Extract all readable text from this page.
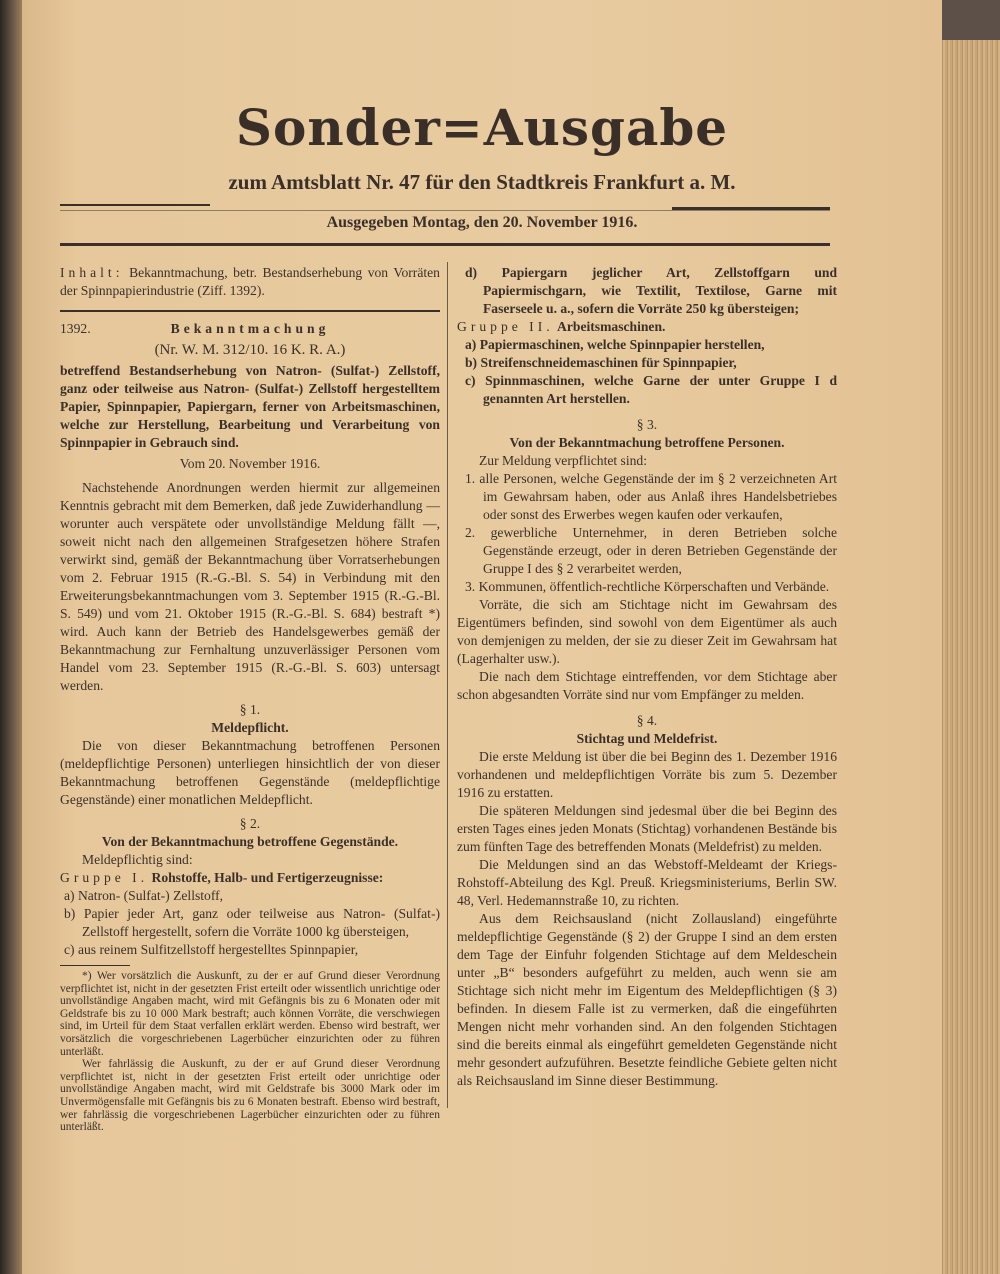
Sonder=Ausgabe
zum Amtsblatt Nr. 47 für den Stadtkreis Frankfurt a. M.
Ausgegeben Montag, den 20. November 1916.

Inhalt: Bekanntmachung, betr. Bestandserhebung von Vorräten der Spinnpapierindustrie (Ziff. 1392).

1392.	Bekanntmachung

(Nr. W. M. 312/10. 16 K. R. A.)

betreffend Bestandserhebung von Natron- (Sulfat-) Zellstoff, ganz oder teilweise aus Natron- (Sulfat-) Zellstoff hergestelltem Papier, Spinnpapier, Papiergarn, ferner von Arbeitsmaschinen, welche zur Herstellung, Bearbeitung und Verarbeitung von Spinnpapier in Gebrauch sind.

Vom 20. November 1916.

Nachstehende Anordnungen werden hiermit zur allgemeinen Kenntnis gebracht mit dem Bemerken, daß jede Zuwiderhandlung — worunter auch verspätete oder unvollständige Meldung fällt —, soweit nicht nach den allgemeinen Strafgesetzen höhere Strafen verwirkt sind, gemäß der Bekanntmachung über Vorratserhebungen vom 2. Februar 1915 (R.-G.-Bl. S. 54) in Verbindung mit den Erweiterungsbekanntmachungen vom 3. September 1915 (R.-G.-Bl. S. 549) und vom 21. Oktober 1915 (R.-G.-Bl. S. 684) bestraft *) wird. Auch kann der Betrieb des Handelsgewerbes gemäß der Bekanntmachung zur Fernhaltung unzuverlässiger Personen vom Handel vom 23. September 1915 (R.-G.-Bl. S. 603) untersagt werden.

§ 1.

Meldepflicht.

Die von dieser Bekanntmachung betroffenen Personen (meldepflichtige Personen) unterliegen hinsichtlich der von dieser Bekanntmachung betroffenen Gegenstände (meldepflichtige Gegenstände) einer monatlichen Meldepflicht.

§ 2.

Von der Bekanntmachung betroffene Gegenstände.

Meldepflichtig sind:

Gruppe I. Rohstoffe, Halb- und Fertigerzeugnisse:

a) Natron- (Sulfat-) Zellstoff,

b) Papier jeder Art, ganz oder teilweise aus Natron- (Sulfat-) Zellstoff hergestellt, sofern die Vorräte 1000 kg übersteigen,

c) aus reinem Sulfitzellstoff hergestelltes Spinnpapier,

*) Wer vorsätzlich die Auskunft, zu der er auf Grund dieser Verordnung verpflichtet ist, nicht in der gesetzten Frist erteilt oder wissentlich unrichtige oder unvollständige Angaben macht, wird mit Gefängnis bis zu 6 Monaten oder mit Geldstrafe bis zu 10 000 Mark bestraft; auch können Vorräte, die verschwiegen sind, im Urteil für dem Staat verfallen erklärt werden. Ebenso wird bestraft, wer vorsätzlich die vorgeschriebenen Lagerbücher einzurichten oder zu führen unterläßt.

Wer fahrlässig die Auskunft, zu der er auf Grund dieser Verordnung verpflichtet ist, nicht in der gesetzten Frist erteilt oder unrichtige oder unvollständige Angaben macht, wird mit Geldstrafe bis 3000 Mark oder im Unvermögensfalle mit Gefängnis bis zu 6 Monaten bestraft. Ebenso wird bestraft, wer fahrlässig die vorgeschriebenen Lagerbücher einzurichten oder zu führen unterläßt.

d) Papiergarn jeglicher Art, Zellstoffgarn und Papiermischgarn, wie Textilit, Textilose, Garne mit Faserseele u. a., sofern die Vorräte 250 kg übersteigen;

Gruppe II. Arbeitsmaschinen.

a) Papiermaschinen, welche Spinnpapier herstellen,

b) Streifenschneidemaschinen für Spinnpapier,

c) Spinnmaschinen, welche Garne der unter Gruppe I d genannten Art herstellen.

§ 3.

Von der Bekanntmachung betroffene Personen.

Zur Meldung verpflichtet sind:

1. alle Personen, welche Gegenstände der im § 2 verzeichneten Art im Gewahrsam haben, oder aus Anlaß ihres Handelsbetriebes oder sonst des Erwerbes wegen kaufen oder verkaufen,

2. gewerbliche Unternehmer, in deren Betrieben solche Gegenstände erzeugt, oder in deren Betrieben Gegenstände der Gruppe I des § 2 verarbeitet werden,

3. Kommunen, öffentlich-rechtliche Körperschaften und Verbände.

Vorräte, die sich am Stichtage nicht im Gewahrsam des Eigentümers befinden, sind sowohl von dem Eigentümer als auch von demjenigen zu melden, der sie zu dieser Zeit im Gewahrsam hat (Lagerhalter usw.).

Die nach dem Stichtage eintreffenden, vor dem Stichtage aber schon abgesandten Vorräte sind nur vom Empfänger zu melden.

§ 4.

Stichtag und Meldefrist.

Die erste Meldung ist über die bei Beginn des 1. Dezember 1916 vorhandenen und meldepflichtigen Vorräte bis zum 5. Dezember 1916 zu erstatten.

Die späteren Meldungen sind jedesmal über die bei Beginn des ersten Tages eines jeden Monats (Stichtag) vorhandenen Bestände bis zum fünften Tage des betreffenden Monats (Meldefrist) zu melden.

Die Meldungen sind an das Webstoff-Meldeamt der Kriegs-Rohstoff-Abteilung des Kgl. Preuß. Kriegsministeriums, Berlin SW. 48, Verl. Hedemannstraße 10, zu richten.

Aus dem Reichsausland (nicht Zollausland) eingeführte meldepflichtige Gegenstände (§ 2) der Gruppe I sind an dem ersten dem Tage der Einfuhr folgenden Stichtage auf dem Meldeschein unter „B“ besonders aufgeführt zu melden, auch wenn sie am Stichtage sich nicht mehr im Eigentum des Meldepflichtigen (§ 3) befinden. In diesem Falle ist zu vermerken, daß die eingeführten Mengen nicht mehr vorhanden sind. An den folgenden Stichtagen sind die bereits einmal als eingeführt gemeldeten Gegenstände nicht mehr gesondert aufzuführen. Besetzte feindliche Gebiete gelten nicht als Reichsausland im Sinne dieser Bestimmung.
